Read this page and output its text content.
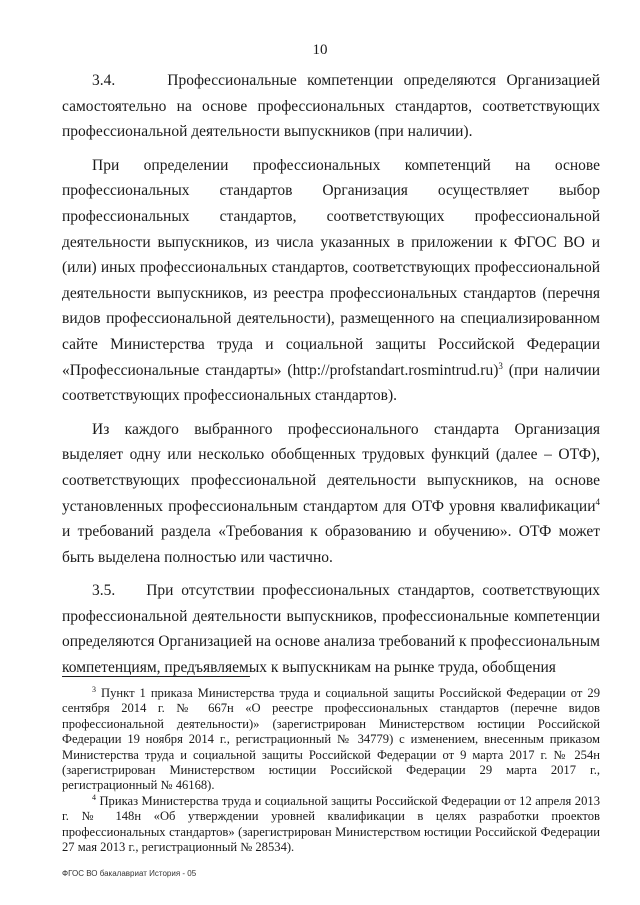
10

3.4.     Профессиональные компетенции определяются Организацией самостоятельно на основе профессиональных стандартов, соответствующих профессиональной деятельности выпускников (при наличии).

При определении профессиональных компетенций на основе профессиональных стандартов Организация осуществляет выбор профессиональных стандартов, соответствующих профессиональной деятельности выпускников, из числа указанных в приложении к ФГОС ВО и (или) иных профессиональных стандартов, соответствующих профессиональной деятельности выпускников, из реестра профессиональных стандартов (перечня видов профессиональной деятельности), размещенного на специализированном сайте Министерства труда и социальной защиты Российской Федерации «Профессиональные стандарты» (http://profstandart.rosmintrud.ru)$^3$ (при наличии соответствующих профессиональных стандартов).

Из каждого выбранного профессионального стандарта Организация выделяет одну или несколько обобщенных трудовых функций (далее – ОТФ), соответствующих профессиональной деятельности выпускников, на основе установленных профессиональным стандартом для ОТФ уровня квалификации$^4$ и требований раздела «Требования к образованию и обучению». ОТФ может быть выделена полностью или частично.

3.5.    При отсутствии профессиональных стандартов, соответствующих профессиональной деятельности выпускников, профессиональные компетенции определяются Организацией на основе анализа требований к профессиональным компетенциям, предъявляемых к выпускникам на рынке труда, обобщения

$^3$ Пункт 1 приказа Министерства труда и социальной защиты Российской Федерации от 29 сентября 2014 г. № 667н «О реестре профессиональных стандартов (перечне видов профессиональной деятельности)» (зарегистрирован Министерством юстиции Российской Федерации 19 ноября 2014 г., регистрационный № 34779) с изменением, внесенным приказом Министерства труда и социальной защиты Российской Федерации от 9 марта 2017 г. № 254н (зарегистрирован Министерством юстиции Российской Федерации 29 марта 2017 г., регистрационный № 46168).

$^4$ Приказ Министерства труда и социальной защиты Российской Федерации от 12 апреля 2013 г. № 148н «Об утверждении уровней квалификации в целях разработки проектов профессиональных стандартов» (зарегистрирован Министерством юстиции Российской Федерации 27 мая 2013 г., регистрационный № 28534).

ФГОС ВО бакалавриат История - 05
